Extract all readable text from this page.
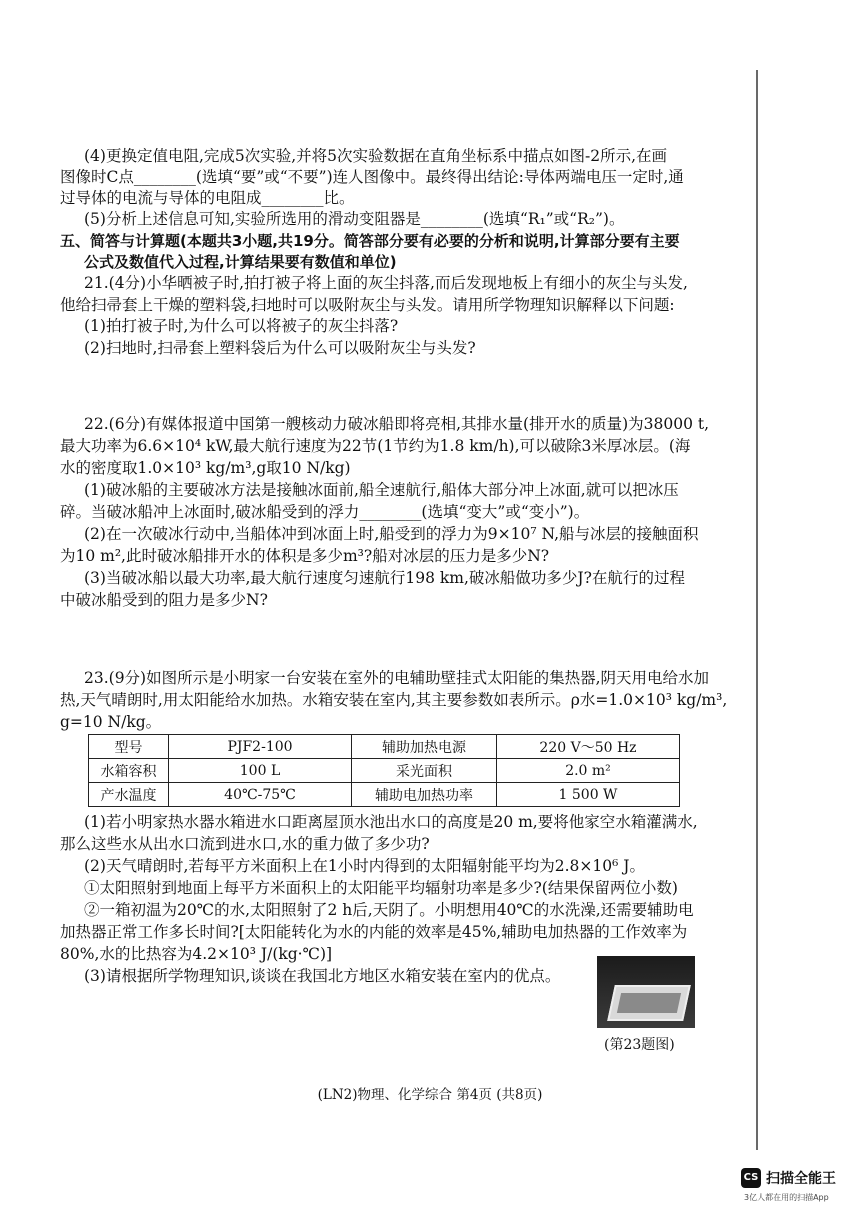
(4)更换定值电阻,完成5次实验,并将5次实验数据在直角坐标系中描点如图-2所示,在画
图像时C点________(选填“要”或“不要”)连人图像中。最终得出结论:导体两端电压一定时,通
过导体的电流与导体的电阻成________比。
(5)分析上述信息可知,实验所选用的滑动变阻器是________(选填“R₁”或“R₂”)。
五、简答与计算题(本题共3小题,共19分。简答部分要有必要的分析和说明,计算部分要有主要
公式及数值代入过程,计算结果要有数值和单位)
21.(4分)小华晒被子时,拍打被子将上面的灰尘抖落,而后发现地板上有细小的灰尘与头发,
他给扫帚套上干燥的塑料袋,扫地时可以吸附灰尘与头发。请用所学物理知识解释以下问题:
(1)拍打被子时,为什么可以将被子的灰尘抖落?
(2)扫地时,扫帚套上塑料袋后为什么可以吸附灰尘与头发?
22.(6分)有媒体报道中国第一艘核动力破冰船即将亮相,其排水量(排开水的质量)为38000 t,
最大功率为6.6×10⁴ kW,最大航行速度为22节(1节约为1.8 km/h),可以破除3米厚冰层。(海
水的密度取1.0×10³ kg/m³,g取10 N/kg)
(1)破冰船的主要破冰方法是接触冰面前,船全速航行,船体大部分冲上冰面,就可以把冰压
碎。当破冰船冲上冰面时,破冰船受到的浮力________(选填“变大”或“变小”)。
(2)在一次破冰行动中,当船体冲到冰面上时,船受到的浮力为9×10⁷ N,船与冰层的接触面积
为10 m²,此时破冰船排开水的体积是多少m³?船对冰层的压力是多少N?
(3)当破冰船以最大功率,最大航行速度匀速航行198 km,破冰船做功多少J?在航行的过程
中破冰船受到的阻力是多少N?
23.(9分)如图所示是小明家一台安装在室外的电辅助壁挂式太阳能的集热器,阴天用电给水加
热,天气晴朗时,用太阳能给水加热。水箱安装在室内,其主要参数如表所示。ρ水=1.0×10³ kg/m³,
g=10 N/kg。
型号	PJF2-100	辅助加热电源	220 V～50 Hz
水箱容积	100 L	采光面积	2.0 m²
产水温度	40℃-75℃	辅助电加热功率	1 500 W
(1)若小明家热水器水箱进水口距离屋顶水池出水口的高度是20 m,要将他家空水箱灌满水,
那么这些水从出水口流到进水口,水的重力做了多少功?
(2)天气晴朗时,若每平方米面积上在1小时内得到的太阳辐射能平均为2.8×10⁶ J。
①太阳照射到地面上每平方米面积上的太阳能平均辐射功率是多少?(结果保留两位小数)
②一箱初温为20℃的水,太阳照射了2 h后,天阴了。小明想用40℃的水洗澡,还需要辅助电
加热器正常工作多长时间?[太阳能转化为水的内能的效率是45%,辅助电加热器的工作效率为
80%,水的比热容为4.2×10³ J/(kg·℃)]
(3)请根据所学物理知识,谈谈在我国北方地区水箱安装在室内的优点。
(第23题图)
(LN2)物理、化学综合 第4页 (共8页)
CS 扫描全能王
3亿人都在用的扫描App
